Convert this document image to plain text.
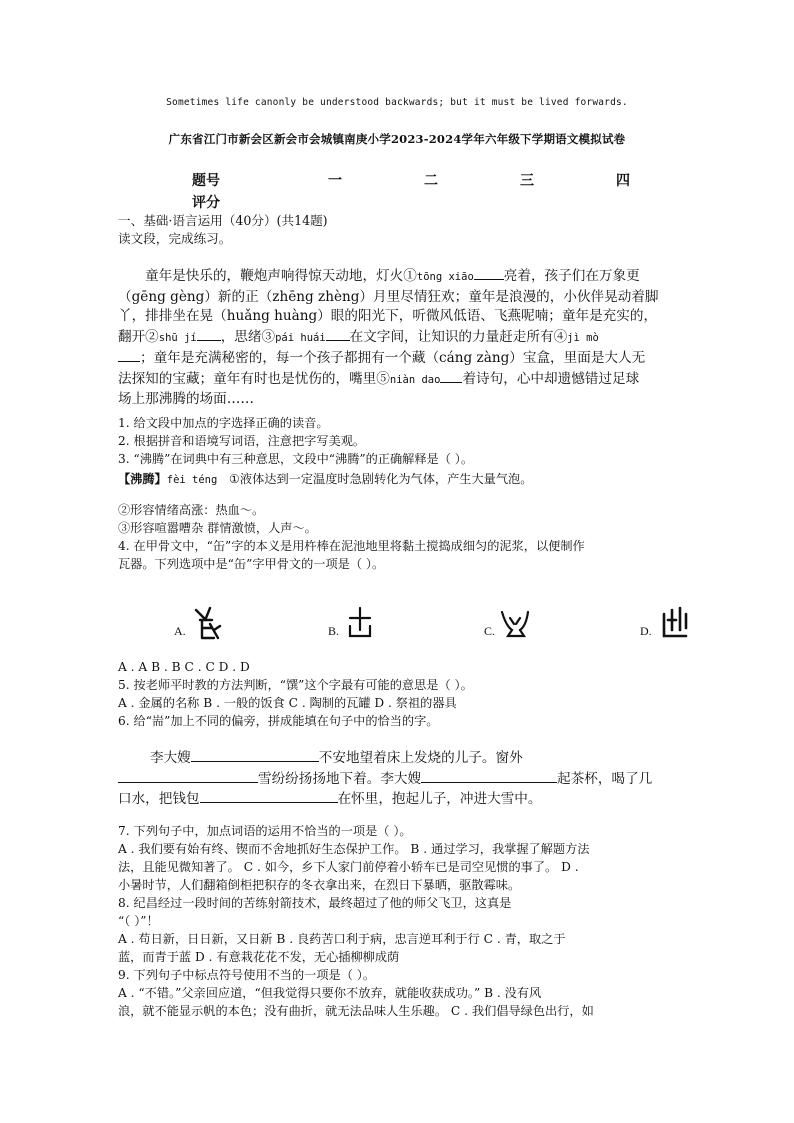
Sometimes life canonly be understood backwards; but it must be lived forwards.
广东省江门市新会区新会市会城镇南庚小学2023-2024学年六年级下学期语文模拟试卷
题号	一	二	三	四
评分
一、基础·语言运用（40分）(共14题)
读文段，完成练习。
童年是快乐的，鞭炮声响得惊天动地，灯火①tōng xiāo 亮着，孩子们在万象更
（gēng gèng）新的正（zhēng zhèng）月里尽情狂欢；童年是浪漫的，小伙伴晃动着脚
丫，排排坐在晃（huǎng huàng）眼的阳光下，听微风低语、飞燕呢喃；童年是充实的，
翻开②shū jí ，思绪③pái huái 在文字间，让知识的力量赶走所有④jì mò
；童年是充满秘密的，每一个孩子都拥有一个藏（cáng zàng）宝盒，里面是大人无
法探知的宝藏；童年有时也是忧伤的，嘴里⑤niàn dao 着诗句，心中却遗憾错过足球
场上那沸腾的场面……
1. 给文段中加点的字选择正确的读音。
2. 根据拼音和语境写词语，注意把字写美观。
3. “沸腾”在词典中有三种意思，文段中“沸腾”的正确解释是（ ）。
【沸腾】fèi téng ①液体达到一定温度时急剧转化为气体，产生大量气泡。
②形容情绪高涨：热血～。
③形容喧嚣嘈杂 群情激愤，人声～。
4. 在甲骨文中，“缶”字的本义是用杵棒在泥池地里将黏土搅捣成细匀的泥浆，以便制作
瓦器。下列选项中是“缶”字甲骨文的一项是（ ）。
A.	B.	C.	D.
A . A B . B C . C D . D
5. 按老师平时教的方法判断，“馔”这个字最有可能的意思是（ ）。
A . 金属的名称 B . 一般的饭食 C . 陶制的瓦罐 D . 祭祖的器具
6. 给“耑”加上不同的偏旁，拼成能填在句子中的恰当的字。
李大嫂	不安地望着床上发烧的儿子。窗外
雪纷纷扬扬地下着。李大嫂	起茶杯，喝了几
口水，把钱包	在怀里，抱起儿子，冲进大雪中。
7. 下列句子中，加点词语的运用不恰当的一项是（ ）。
A . 我们要有始有终、锲而不舍地抓好生态保护工作。 B . 通过学习，我掌握了解题方法
法，且能见微知著了。 C . 如今，乡下人家门前停着小轿车已是司空见惯的事了。 D .
小暑时节，人们翻箱倒柜把积存的冬衣拿出来，在烈日下暴晒，驱散霉味。
8. 纪昌经过一段时间的苦练射箭技术，最终超过了他的师父飞卫，这真是
“（ ）”！
A . 苟日新，日日新，又日新 B . 良药苦口利于病，忠言逆耳利于行 C . 青，取之于
蓝，而青于蓝 D . 有意栽花花不发，无心插柳柳成荫
9. 下列句子中标点符号使用不当的一项是（ ）。
A . “不错。”父亲回应道，“但我觉得只要你不放弃，就能收获成功。” B . 没有风
浪，就不能显示帆的本色；没有曲折，就无法品味人生乐趣。 C . 我们倡导绿色出行，如
